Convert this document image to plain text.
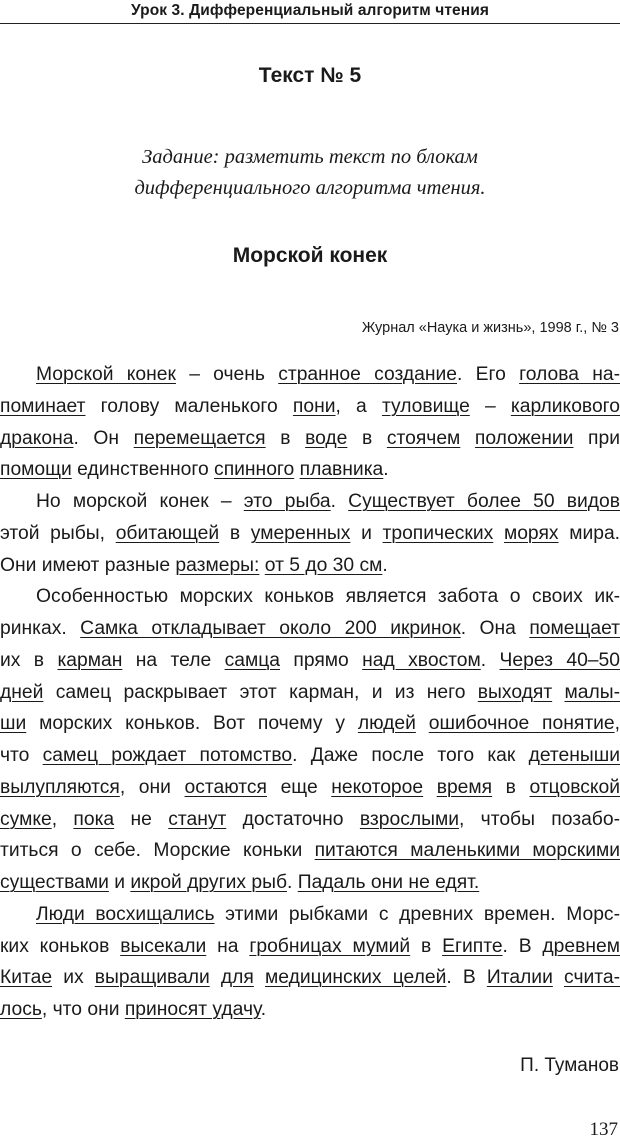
Урок 3. Дифференциальный алгоритм чтения
Текст № 5
Задание: разметить текст по блокам
дифференциального алгоритма чтения.
Морской конек
Журнал «Наука и жизнь», 1998 г., № 3
Морской конек – очень странное создание. Его голова на-
поминает голову маленького пони, а туловище – карликового
дракона. Он перемещается в воде в стоячем положении при
помощи единственного спинного плавника.
Но морской конек – это рыба. Существует более 50 видов
этой рыбы, обитающей в умеренных и тропических морях мира.
Они имеют разные размеры: от 5 до 30 см.
Особенностью морских коньков является забота о своих ик-
ринках. Самка откладывает около 200 икринок. Она помещает
их в карман на теле самца прямо над хвостом. Через 40–50
дней самец раскрывает этот карман, и из него выходят малы-
ши морских коньков. Вот почему у людей ошибочное понятие,
что самец рождает потомство. Даже после того как детеныши
вылупляются, они остаются еще некоторое время в отцовской
сумке, пока не станут достаточно взрослыми, чтобы позабо-
титься о себе. Морские коньки питаются маленькими морскими
существами и икрой других рыб. Падаль они не едят.
Люди восхищались этими рыбками с древних времен. Морс-
ких коньков высекали на гробницах мумий в Египте. В древнем
Китае их выращивали для медицинских целей. В Италии счита-
лось, что они приносят удачу.
П. Туманов
137
